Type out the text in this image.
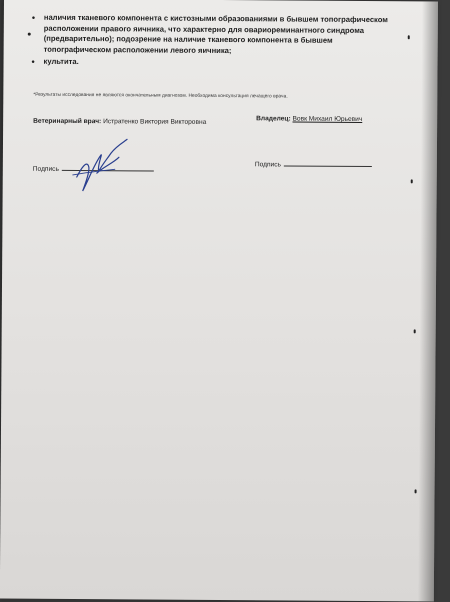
• наличия тканевого компонента с кистозными образованиями в бывшем топографическом расположении правого яичника, что характерно для овариореминантного синдрома (предварительно); подозрение на наличие тканевого компонента в бывшем топографическом расположении левого яичника;
• культита.
*Результаты исследования не являются окончательным диагнозом. Необходима консультация лечащего врача.
Ветеринарный врач: Истратенко Виктория Викторовна	Владелец: Вовк Михаил Юрьевич
Подпись
Подпись
